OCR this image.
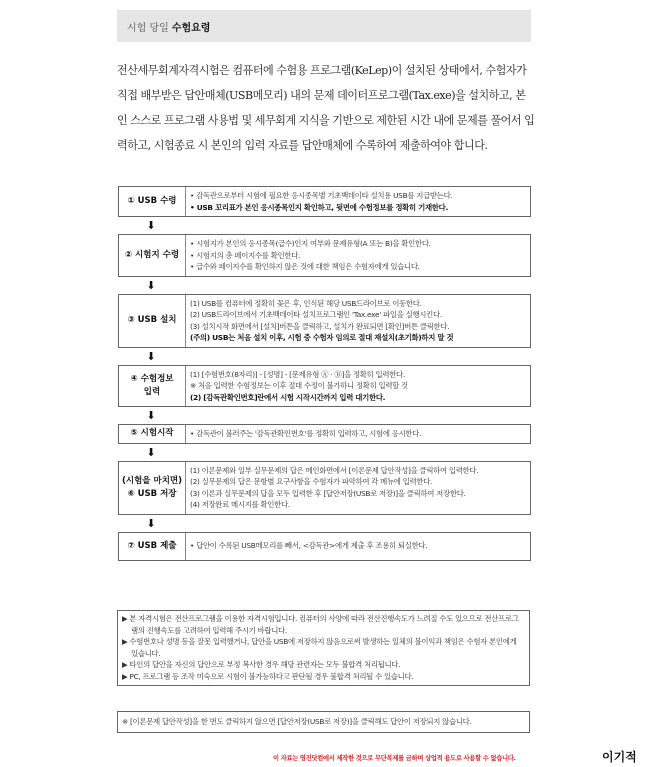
시험 당일 수험요령
전산세무회계자격시험은 컴퓨터에 수험용 프로그램(KeLep)이 설치된 상태에서, 수험자가 직접 배부받은 답안매체(USB메모리) 내의 문제 데이터프로그램(Tax.exe)을 설치하고, 본인 스스로 프로그램 사용법 및 세무회계 지식을 기반으로 제한된 시간 내에 문제를 풀어서 입력하고, 시험종료 시 본인의 입력 자료를 답안매체에 수록하여 제출하여야 합니다.
① USB 수령
• 감독관으로부터 시험에 필요한 응시종목별 기초백데이타 설치용 USB를 지급받는다.
• USB 꼬리표가 본인 응시종목인지 확인하고, 뒷면에 수험정보를 정확히 기재한다.
⬇
② 시험지 수령
• 시험지가 본인의 응시종목(급수)인지 여부와 문제유형(A 또는 B)을 확인한다.
• 시험지의 총 페이지수를 확인한다.
• 급수와 페이지수를 확인하지 않은 것에 대한 책임은 수험자에게 있습니다.
⬇
③ USB 설치
(1) USB를 컴퓨터에 정확히 꽂은 후, 인식된 해당 USB드라이브로 이동한다.
(2) USB드라이브에서 기초백데이타 설치프로그램인 'Tax.exe' 파일을 실행시킨다.
(3) 설치시작 화면에서 [설치]버튼을 클릭하고, 설치가 완료되면 [확인]버튼 클릭한다.
(주의) USB는 처음 설치 이후, 시험 중 수험자 임의로 절대 재설치(초기화)하지 말 것
⬇
④ 수험정보
입력
(1) [수험번호(8자리)] - [성명] - [문제유형 Ⓐ · Ⓑ]을 정확히 입력한다.
※ 처음 입력한 수험정보는 이후 절대 수정이 불가하니 정확히 입력할 것
(2) [감독관확인번호]란에서 시험 시작시간까지 입력 대기한다.
⬇
⑤ 시험시작 • 감독관이 불러주는 '감독관확인번호'를 정확히 입력하고, 시험에 응시한다.
⬇
(시험을 마치면)
⑥ USB 저장
(1) 이론문제와 일부 실무문제의 답은 메인화면에서 [이론문제 답안작성]을 클릭하여 입력한다.
(2) 실무문제의 답은 문항별 요구사항을 수험자가 파악하여 각 메뉴에 입력한다.
(3) 이론과 실무문제의 답을 모두 입력한 후 [답안저장(USB로 저장)]을 클릭하여 저장한다.
(4) 저장완료 메시지를 확인한다.
⬇
⑦ USB 제출 • 답안이 수록된 USB메모리를 빼서, <감독관>에게 제출 후 조용히 퇴실한다.
▶ 본 자격시험은 전산프로그램을 이용한 자격시험입니다. 컴퓨터의 사양에 따라 전산진행속도가 느려질 수도 있으므로 전산프로그램의 진행속도를 고려하여 입력해 주시기 바랍니다.
▶ 수험번호나 성명 등을 잘못 입력했거나, 답안을 USB에 저장하지 않음으로써 발생하는 일체의 불이익과 책임은 수험자 본인에게 있습니다.
▶ 타인의 답안을 자신의 답안으로 부정 복사한 경우 해당 관련자는 모두 불합격 처리됩니다.
▶ PC, 프로그램 등 조작 미숙으로 시험이 불가능하다고 판단될 경우 불합격 처리될 수 있습니다.
※ [이론문제 답안작성]을 한 번도 클릭하지 않으면 [답안저장(USB로 저장)]을 클릭해도 답안이 저장되지 않습니다.
이 자료는 영진닷컴에서 제작한 것으로 무단복제를 금하며 상업적 용도로 사용할 수 없습니다.	이기적
